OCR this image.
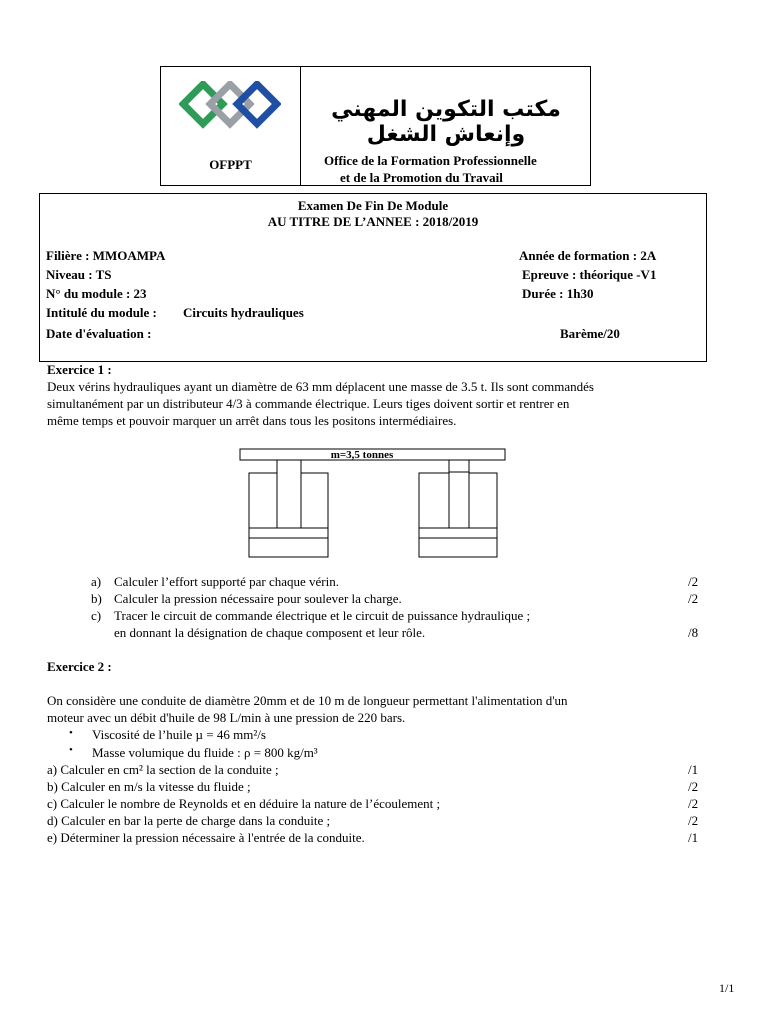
OFPPT
مكتب التكوين المهني وإنعاش الشغل
Office de la Formation Professionnelle
et de la Promotion du Travail
Examen De Fin De Module
AU TITRE DE L’ANNEE : 2018/2019
Filière : MMOAMPA	Année de formation : 2A
Niveau : TS	Epreuve : théorique -V1
N° du module : 23	Durée : 1h30
Intitulé du module : Circuits hydrauliques
Date d'évaluation :	Barème/20
Exercice 1 :
Deux vérins hydrauliques ayant un diamètre de 63 mm déplacent une masse de 3.5 t. Ils sont commandés
simultanément par un distributeur 4/3 à commande électrique. Leurs tiges doivent sortir et rentrer en
même temps et pouvoir marquer un arrêt dans tous les positons intermédiaires.
m=3,5 tonnes
a) Calculer l’effort supporté par chaque vérin.	/2
b) Calculer la pression nécessaire pour soulever la charge.	/2
c) Tracer le circuit de commande électrique et le circuit de puissance hydraulique ;
en donnant la désignation de chaque composent et leur rôle.	/8
Exercice 2 :
On considère une conduite de diamètre 20mm et de 10 m de longueur permettant l'alimentation d'un
moteur avec un débit d'huile de 98 L/min à une pression de 220 bars.
• Viscosité de l’huile µ = 46 mm²/s
• Masse volumique du fluide : ρ = 800 kg/m³
a) Calculer en cm² la section de la conduite ;	/1
b) Calculer en m/s la vitesse du fluide ;	/2
c) Calculer le nombre de Reynolds et en déduire la nature de l’écoulement ;	/2
d) Calculer en bar la perte de charge dans la conduite ;	/2
e) Déterminer la pression nécessaire à l'entrée de la conduite.	/1
1/1
